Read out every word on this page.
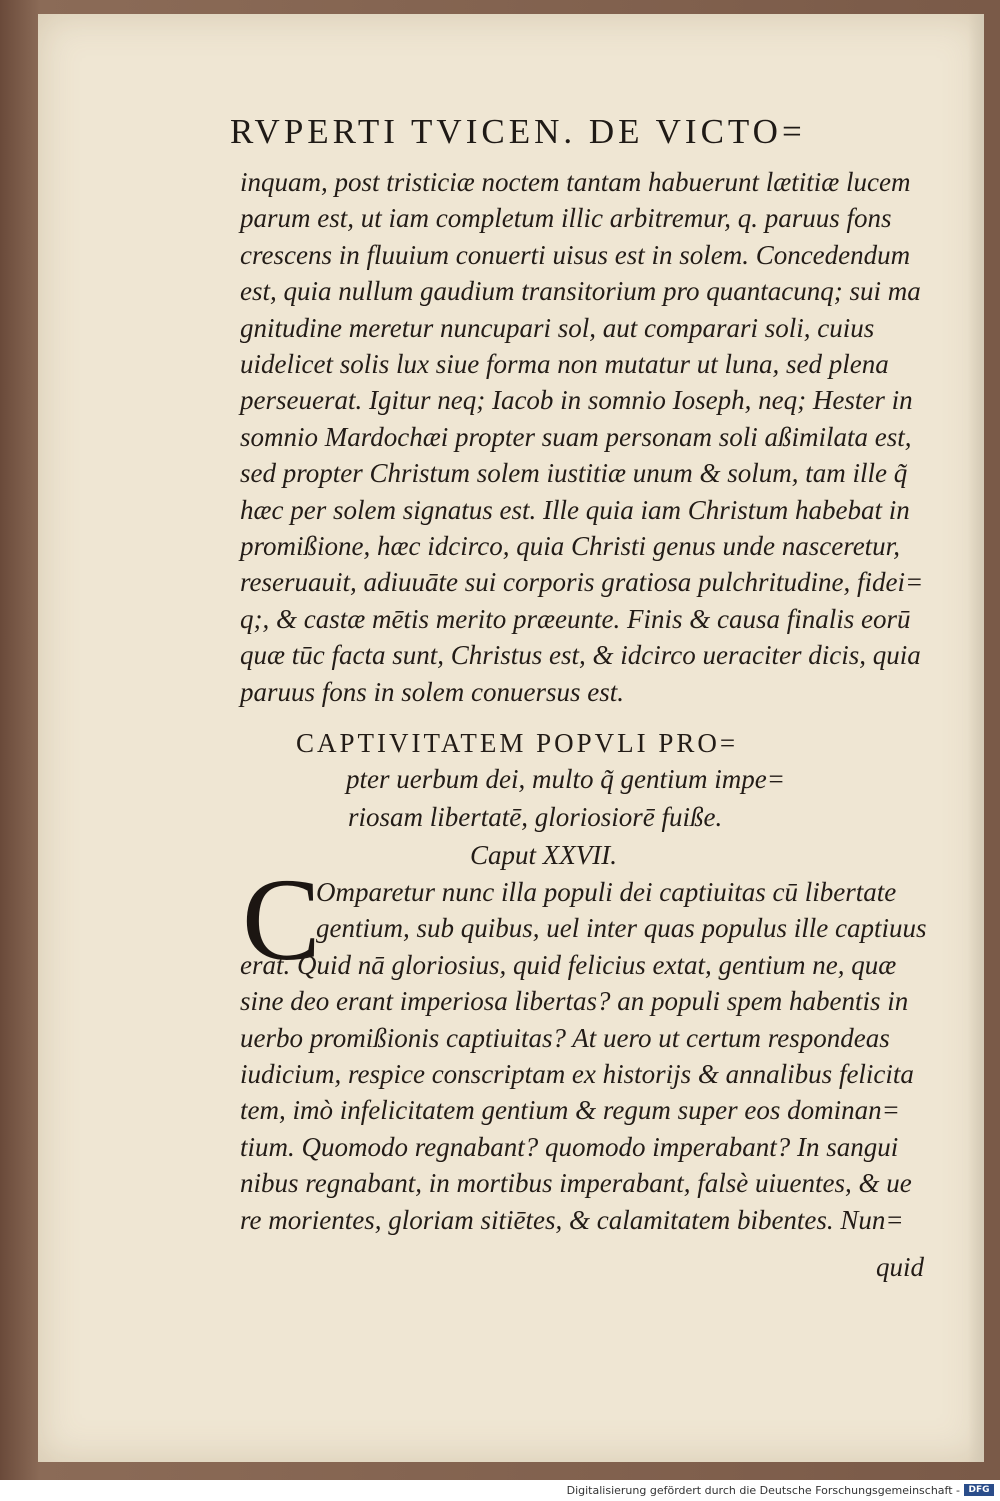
RVPERTI TVICEN. DE VICTO=
inquam, post tristiciæ noctem tantam habuerunt lætitiæ lucem
parum est, ut iam completum illic arbitremur, q. paruus fons
crescens in fluuium conuerti uisus est in solem. Concedendum
est, quia nullum gaudium transitorium pro quantacunq; sui ma
gnitudine meretur nuncupari sol, aut comparari soli, cuius
uidelicet solis lux siue forma non mutatur ut luna, sed plena
perseuerat. Igitur neq; Iacob in somnio Ioseph, neq; Hester in
somnio Mardochæi propter suam personam soli aßimilata est,
sed propter Christum solem iustitiæ unum & solum, tam ille q̃
hæc per solem signatus est. Ille quia iam Christum habebat in
promißione, hæc idcirco, quia Christi genus unde nasceretur,
reseruauit, adiuuāte sui corporis gratiosa pulchritudine, fidei=
q;, & castæ mētis merito præeunte. Finis & causa finalis eorū
quæ tūc facta sunt, Christus est, & idcirco ueraciter dicis, quia
paruus fons in solem conuersus est.
CAPTIVITATEM POPVLI PRO=
pter uerbum dei, multo q̃ gentium impe=
riosam libertatē, gloriosiorē fuiße.
Caput XXVII.
C
Omparetur nunc illa populi dei captiuitas cū libertate
gentium, sub quibus, uel inter quas populus ille captiuus
erat. Quid nā gloriosius, quid felicius extat, gentium ne, quæ
sine deo erant imperiosa libertas? an populi spem habentis in
uerbo promißionis captiuitas? At uero ut certum respondeas
iudicium, respice conscriptam ex historijs & annalibus felicita
tem, imò infelicitatem gentium & regum super eos dominan=
tium. Quomodo regnabant? quomodo imperabant? In sangui
nibus regnabant, in mortibus imperabant, falsè uiuentes, & ue
re morientes, gloriam sitiētes, & calamitatem bibentes. Nun=
quid
Digitalisierung gefördert durch die Deutsche Forschungsgemeinschaft - DFG
